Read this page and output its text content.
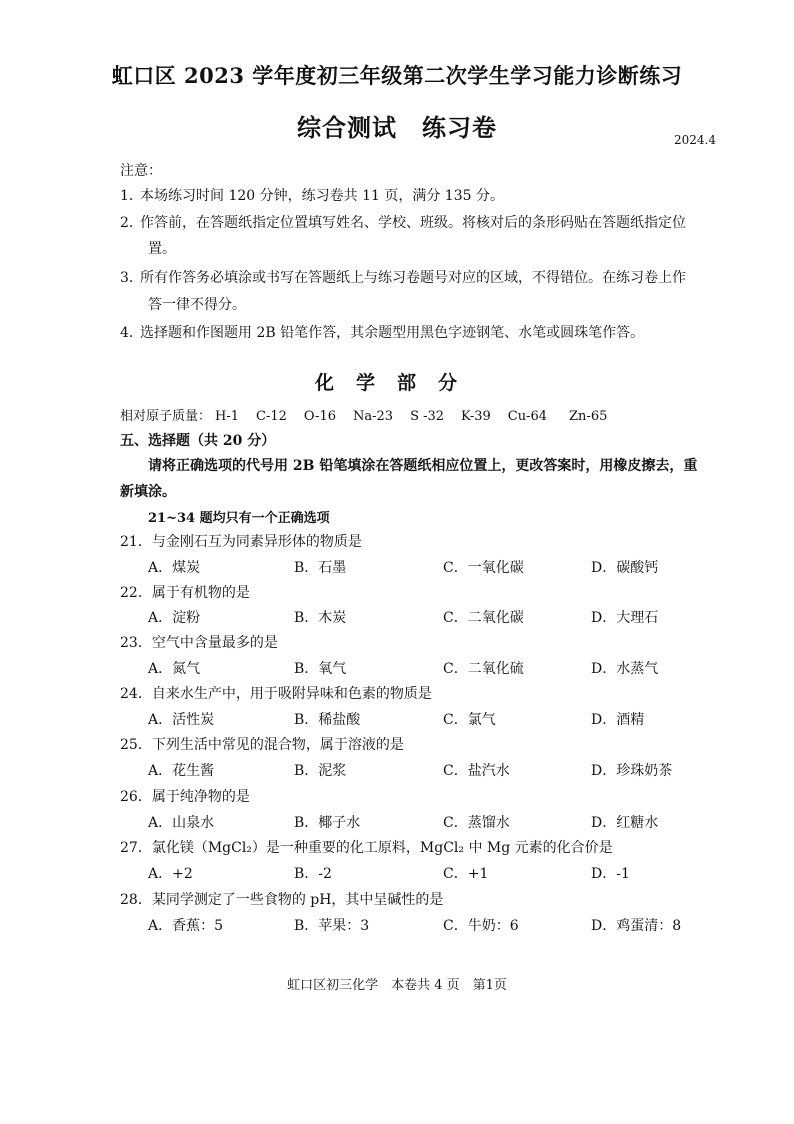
虹口区 2023 学年度初三年级第二次学生学习能力诊断练习
综合测试　练习卷	2024.4
注意：
1．本场练习时间 120 分钟，练习卷共 11 页，满分 135 分。
2．作答前，在答题纸指定位置填写姓名、学校、班级。将核对后的条形码贴在答题纸指定位
置。
3．所有作答务必填涂或书写在答题纸上与练习卷题号对应的区域，不得错位。在练习卷上作
答一律不得分。
4．选择题和作图题用 2B 铅笔作答，其余题型用黑色字迹钢笔、水笔或圆珠笔作答。
化学部分
相对原子质量： H-1 C-12 O-16 Na-23 S -32 K-39 Cu-64 Zn-65
五、选择题（共 20 分）
请将正确选项的代号用 2B 铅笔填涂在答题纸相应位置上，更改答案时，用橡皮擦去，重
新填涂。
21~34 题均只有一个正确选项
21．与金刚石互为同素异形体的物质是
A．煤炭	B．石墨	C．一氧化碳	D．碳酸钙
22．属于有机物的是
A．淀粉	B．木炭	C．二氧化碳	D．大理石
23．空气中含量最多的是
A．氮气	B．氧气	C．二氧化硫	D．水蒸气
24．自来水生产中，用于吸附异味和色素的物质是
A．活性炭	B．稀盐酸	C．氯气	D．酒精
25．下列生活中常见的混合物，属于溶液的是
A．花生酱	B．泥浆	C．盐汽水	D．珍珠奶茶
26．属于纯净物的是
A．山泉水	B．椰子水	C．蒸馏水	D．红糖水
27．氯化镁（MgCl₂）是一种重要的化工原料，MgCl₂ 中 Mg 元素的化合价是
A．+2	B．-2	C．+1	D．-1
28．某同学测定了一些食物的 pH，其中呈碱性的是
A．香蕉：5	B．苹果：3	C．牛奶：6	D．鸡蛋清：8
虹口区初三化学　本卷共 4 页　第1页
